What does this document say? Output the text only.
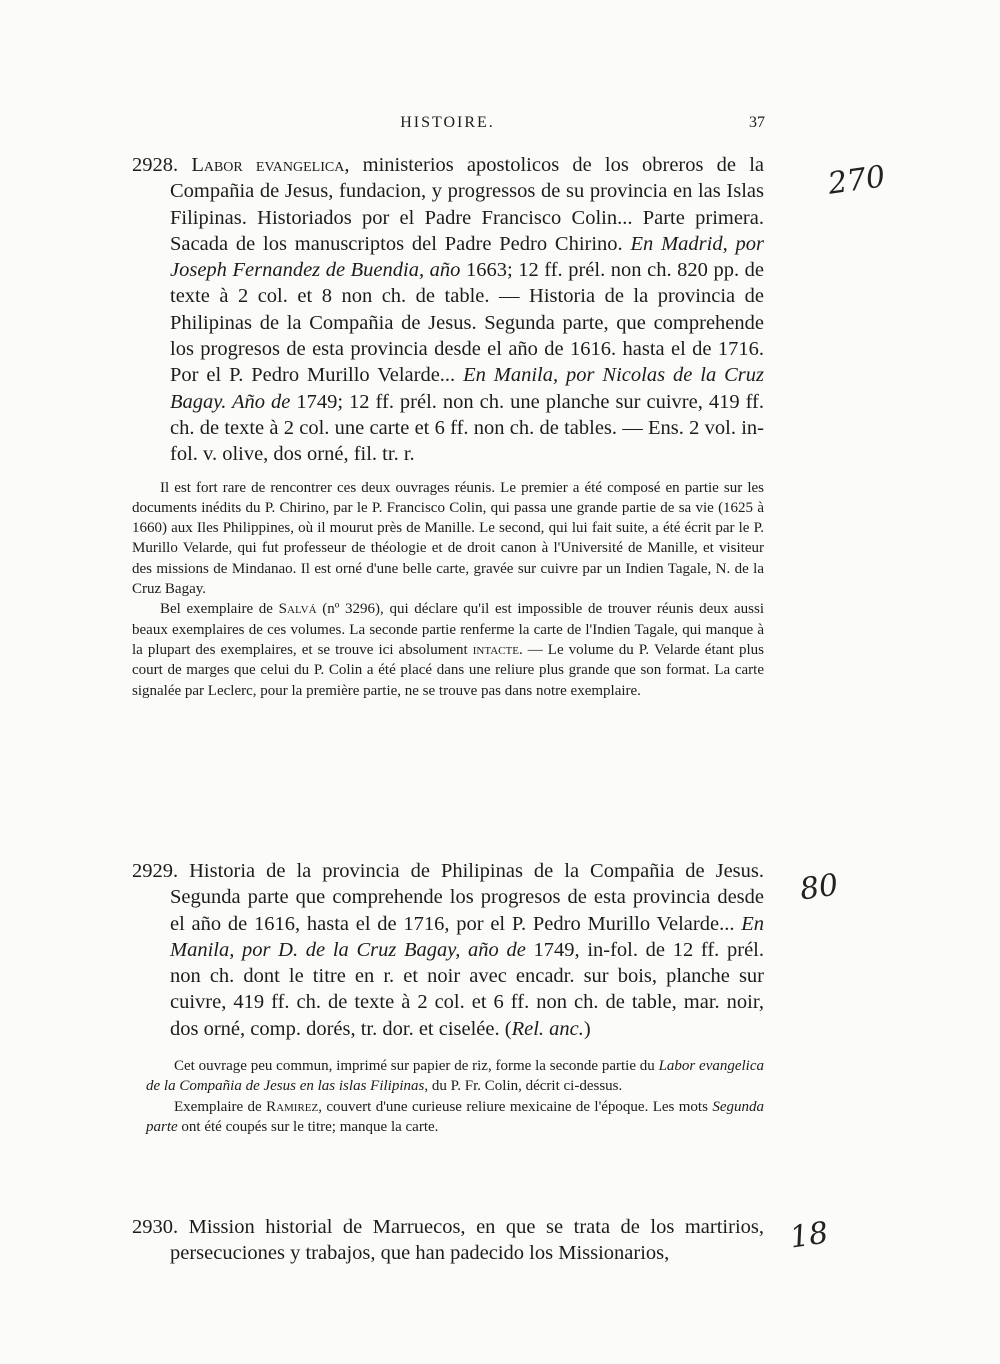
HISTOIRE.	37

2928. Labor evangelica, ministerios apostolicos de los obreros de la Compañia de Jesus, fundacion, y progressos de su provincia en las Islas Filipinas. Historiados por el Padre Francisco Colin... Parte primera. Sacada de los manuscriptos del Padre Pedro Chirino. En Madrid, por Joseph Fernandez de Buendia, año 1663; 12 ff. prél. non ch. 820 pp. de texte à 2 col. et 8 non ch. de table. — Historia de la provincia de Philipinas de la Compañia de Jesus. Segunda parte, que comprehende los progresos de esta provincia desde el año de 1616. hasta el de 1716. Por el P. Pedro Murillo Velarde... En Manila, por Nicolas de la Cruz Bagay. Año de 1749; 12 ff. prél. non ch. une planche sur cuivre, 419 ff. ch. de texte à 2 col. une carte et 6 ff. non ch. de tables. — Ens. 2 vol. in-fol. v. olive, dos orné, fil. tr. r.

Il est fort rare de rencontrer ces deux ouvrages réunis. Le premier a été composé en partie sur les documents inédits du P. Chirino, par le P. Francisco Colin, qui passa une grande partie de sa vie (1625 à 1660) aux Iles Philippines, où il mourut près de Manille. Le second, qui lui fait suite, a été écrit par le P. Murillo Velarde, qui fut professeur de théologie et de droit canon à l'Université de Manille, et visiteur des missions de Mindanao. Il est orné d'une belle carte, gravée sur cuivre par un Indien Tagale, N. de la Cruz Bagay.

Bel exemplaire de Salvá (nº 3296), qui déclare qu'il est impossible de trouver réunis deux aussi beaux exemplaires de ces volumes. La seconde partie renferme la carte de l'Indien Tagale, qui manque à la plupart des exemplaires, et se trouve ici absolument intacte. — Le volume du P. Velarde étant plus court de marges que celui du P. Colin a été placé dans une reliure plus grande que son format. La carte signalée par Leclerc, pour la première partie, ne se trouve pas dans notre exemplaire.

2929. Historia de la provincia de Philipinas de la Compañia de Jesus. Segunda parte que comprehende los progresos de esta provincia desde el año de 1616, hasta el de 1716, por el P. Pedro Murillo Velarde... En Manila, por D. de la Cruz Bagay, año de 1749, in-fol. de 12 ff. prél. non ch. dont le titre en r. et noir avec encadr. sur bois, planche sur cuivre, 419 ff. ch. de texte à 2 col. et 6 ff. non ch. de table, mar. noir, dos orné, comp. dorés, tr. dor. et ciselée. (Rel. anc.)

Cet ouvrage peu commun, imprimé sur papier de riz, forme la seconde partie du Labor evangelica de la Compañia de Jesus en las islas Filipinas, du P. Fr. Colin, décrit ci-dessus.

Exemplaire de Ramirez, couvert d'une curieuse reliure mexicaine de l'époque. Les mots Segunda parte ont été coupés sur le titre; manque la carte.

2930. Mission historial de Marruecos, en que se trata de los martirios, persecuciones y trabajos, que han padecido los Missionarios,

270
80
18
